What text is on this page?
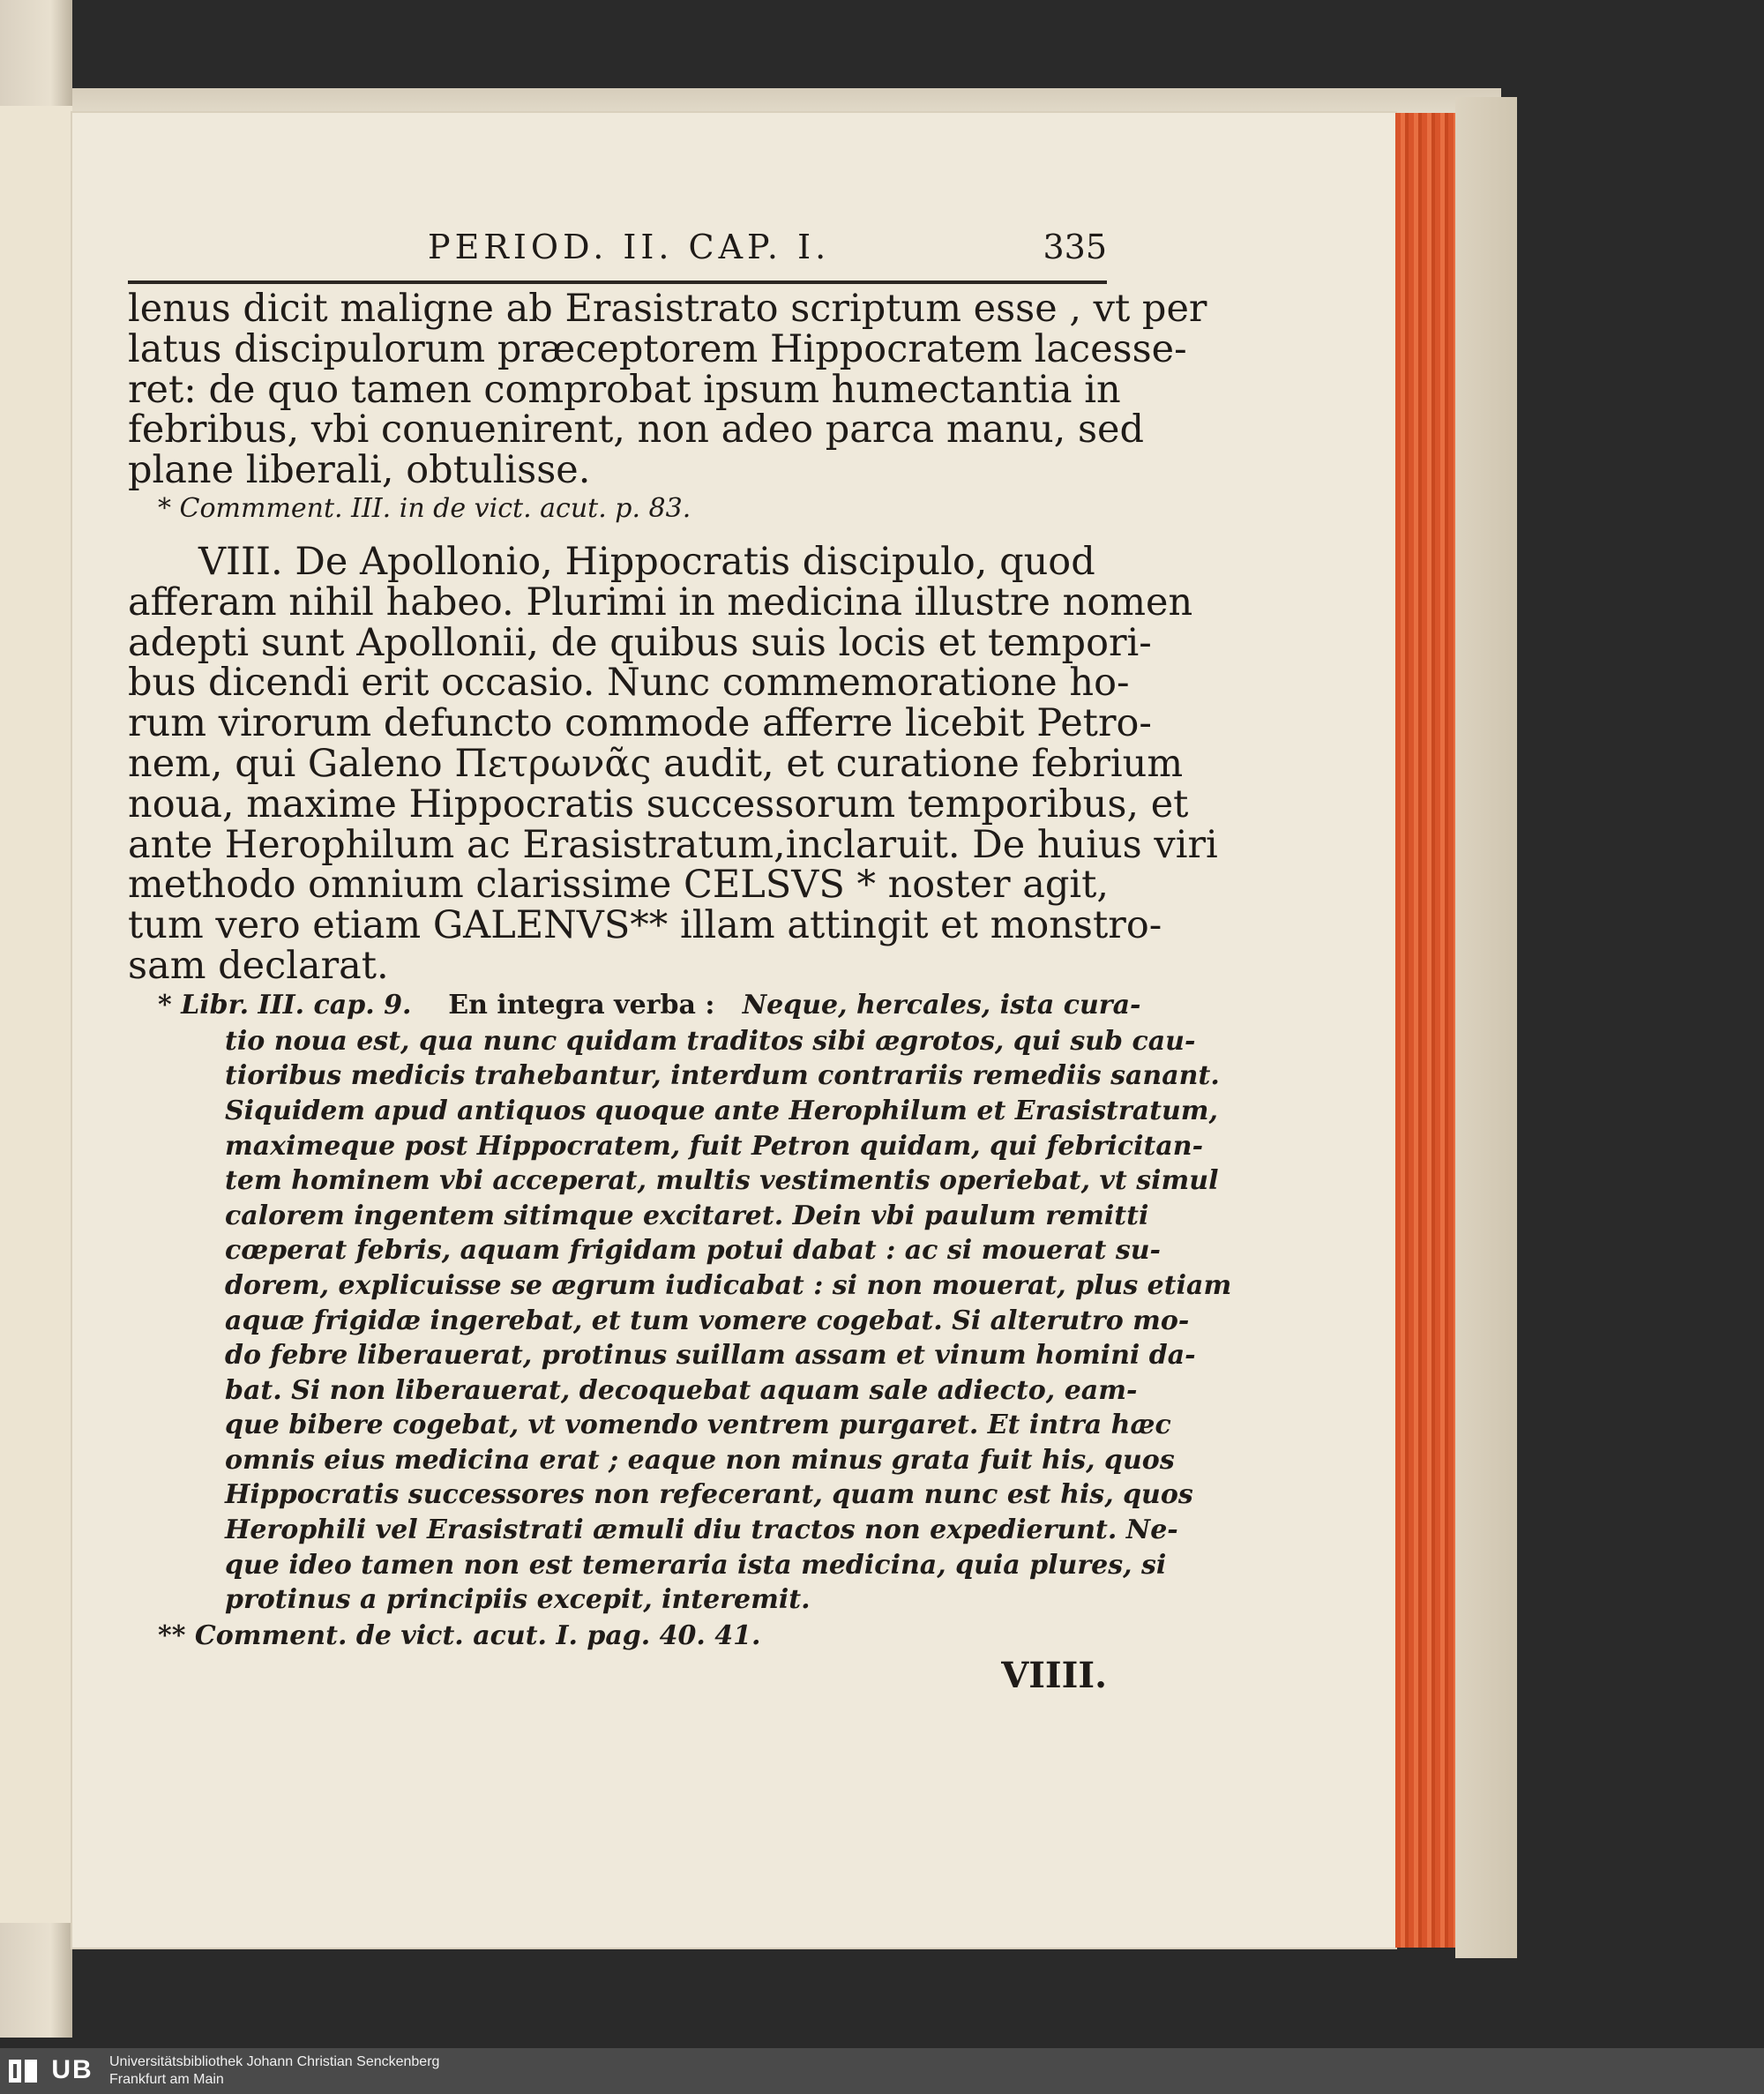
PERIOD. II. CAP. I.	335

lenus dicit maligne ab Erasistrato scriptum esse , vt per

latus discipulorum præceptorem Hippocratem lacesse-

ret: de quo tamen comprobat ipsum humectantia in

febribus, vbi conuenirent, non adeo parca manu, sed

plane liberali, obtulisse.

* Commment. III. in de vict. acut. p. 83.

VIII. De Apollonio, Hippocratis discipulo, quod

afferam nihil habeo. Plurimi in medicina illustre nomen

adepti sunt Apollonii, de quibus suis locis et tempori-

bus dicendi erit occasio. Nunc commemoratione ho-

rum virorum defuncto commode afferre licebit Petro-

nem, qui Galeno Πετρωνᾶς audit, et curatione febrium

noua, maxime Hippocratis successorum temporibus, et

ante Herophilum ac Erasistratum,inclaruit. De huius viri

methodo omnium clarissime CELSVS * noster agit,

tum vero etiam GALENVS** illam attingit et monstro-

sam declarat.

* Libr. III. cap. 9. En integra verba : Neque, hercales, ista cura-

tio noua est, qua nunc quidam traditos sibi ægrotos, qui sub cau-

tioribus medicis trahebantur, interdum contrariis remediis sanant.

Siquidem apud antiquos quoque ante Herophilum et Erasistratum,

maximeque post Hippocratem, fuit Petron quidam, qui febricitan-

tem hominem vbi acceperat, multis vestimentis operiebat, vt simul

calorem ingentem sitimque excitaret. Dein vbi paulum remitti

cœperat febris, aquam frigidam potui dabat : ac si mouerat su-

dorem, explicuisse se ægrum iudicabat : si non mouerat, plus etiam

aquæ frigidæ ingerebat, et tum vomere cogebat. Si alterutro mo-

do febre liberauerat, protinus suillam assam et vinum homini da-

bat. Si non liberauerat, decoquebat aquam sale adiecto, eam-

que bibere cogebat, vt vomendo ventrem purgaret. Et intra hæc

omnis eius medicina erat ; eaque non minus grata fuit his, quos

Hippocratis successores non refecerant, quam nunc est his, quos

Herophili vel Erasistrati æmuli diu tractos non expedierunt. Ne-

que ideo tamen non est temeraria ista medicina, quia plures, si

protinus a principiis excepit, interemit.

** Comment. de vict. acut. I. pag. 40. 41.

VIIII.
UB	Universitätsbibliothek Johann Christian Senckenberg
Frankfurt am Main
